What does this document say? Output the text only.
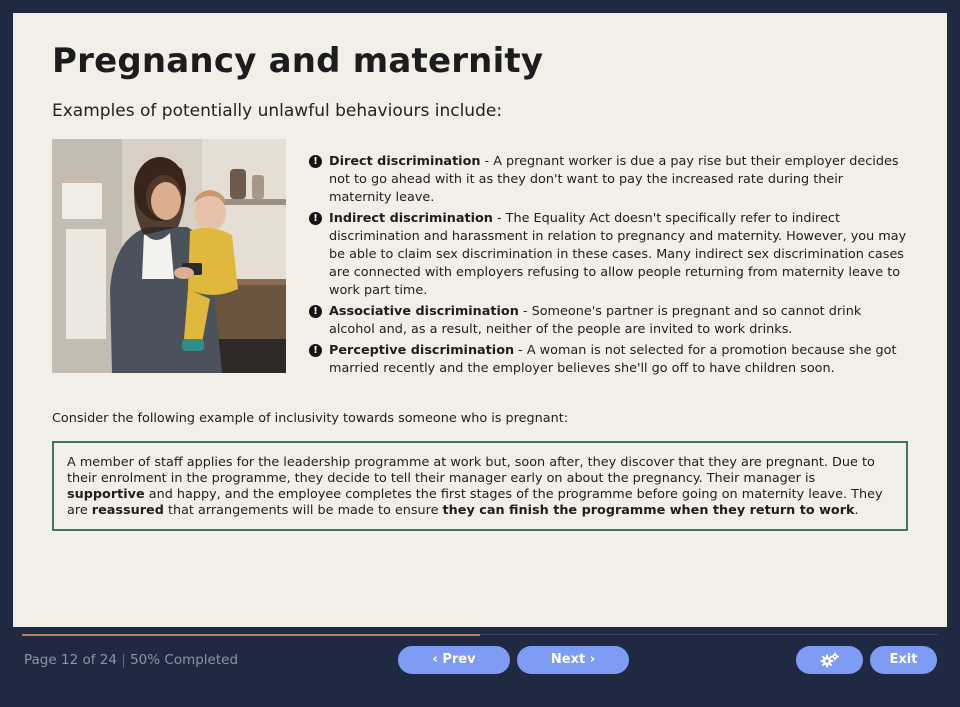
Pregnancy and maternity

Examples of potentially unlawful behaviours include:

! Direct discrimination - A pregnant worker is due a pay rise but their employer decides not to go ahead with it as they don't want to pay the increased rate during their maternity leave.
! Indirect discrimination - The Equality Act doesn't specifically refer to indirect discrimination and harassment in relation to pregnancy and maternity. However, you may be able to claim sex discrimination in these cases. Many indirect sex discrimination cases are connected with employers refusing to allow people returning from maternity leave to work part time.
! Associative discrimination - Someone's partner is pregnant and so cannot drink alcohol and, as a result, neither of the people are invited to work drinks.
! Perceptive discrimination - A woman is not selected for a promotion because she got married recently and the employer believes she'll go off to have children soon.

Consider the following example of inclusivity towards someone who is pregnant:

A member of staff applies for the leadership programme at work but, soon after, they discover that they are pregnant. Due to their enrolment in the programme, they decide to tell their manager early on about the pregnancy. Their manager is supportive and happy, and the employee completes the first stages of the programme before going on maternity leave. They are reassured that arrangements will be made to ensure they can finish the programme when they return to work.
Page 12 of 24 | 50% Completed	‹ Prev	Next ›	Exit
